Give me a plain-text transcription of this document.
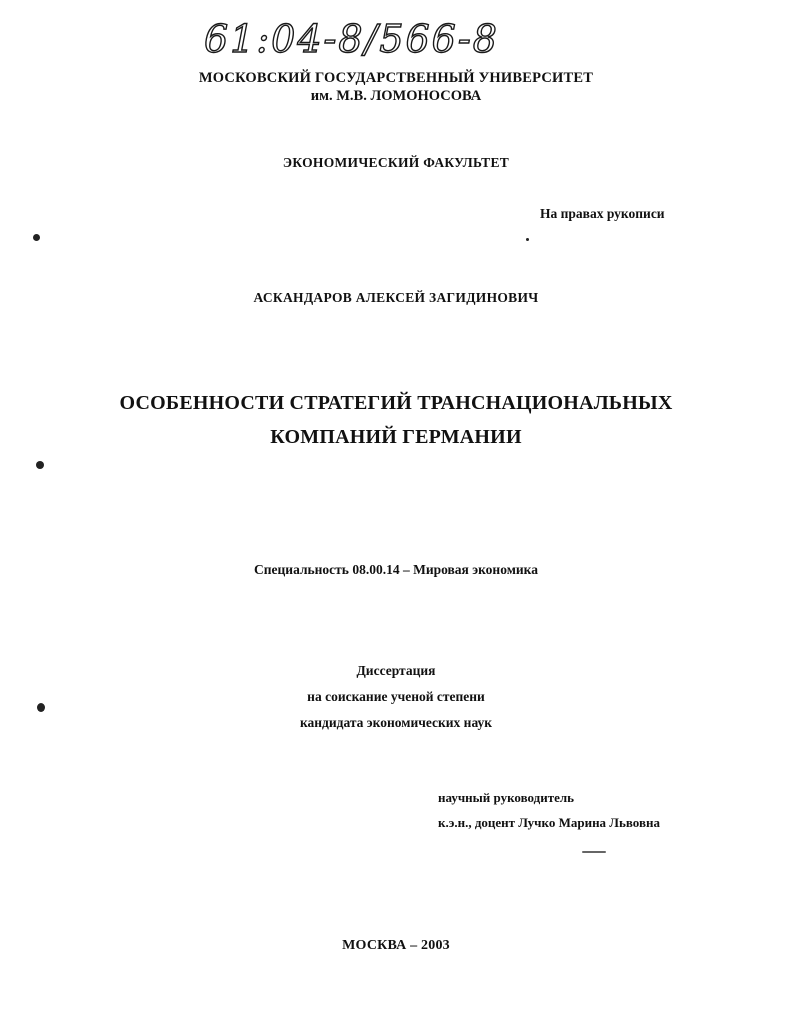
61:04-8/566-8
МОСКОВСКИЙ ГОСУДАРСТВЕННЫЙ УНИВЕРСИТЕТ
им. М.В. ЛОМОНОСОВА
ЭКОНОМИЧЕСКИЙ ФАКУЛЬТЕТ
На правах рукописи
АСКАНДАРОВ АЛЕКСЕЙ ЗАГИДИНОВИЧ
ОСОБЕННОСТИ СТРАТЕГИЙ ТРАНСНАЦИОНАЛЬНЫХ
КОМПАНИЙ ГЕРМАНИИ
Специальность 08.00.14 – Мировая экономика
Диссертация
на соискание ученой степени
кандидата экономических наук
научный руководитель
к.э.н., доцент Лучко Марина Львовна
МОСКВА – 2003
